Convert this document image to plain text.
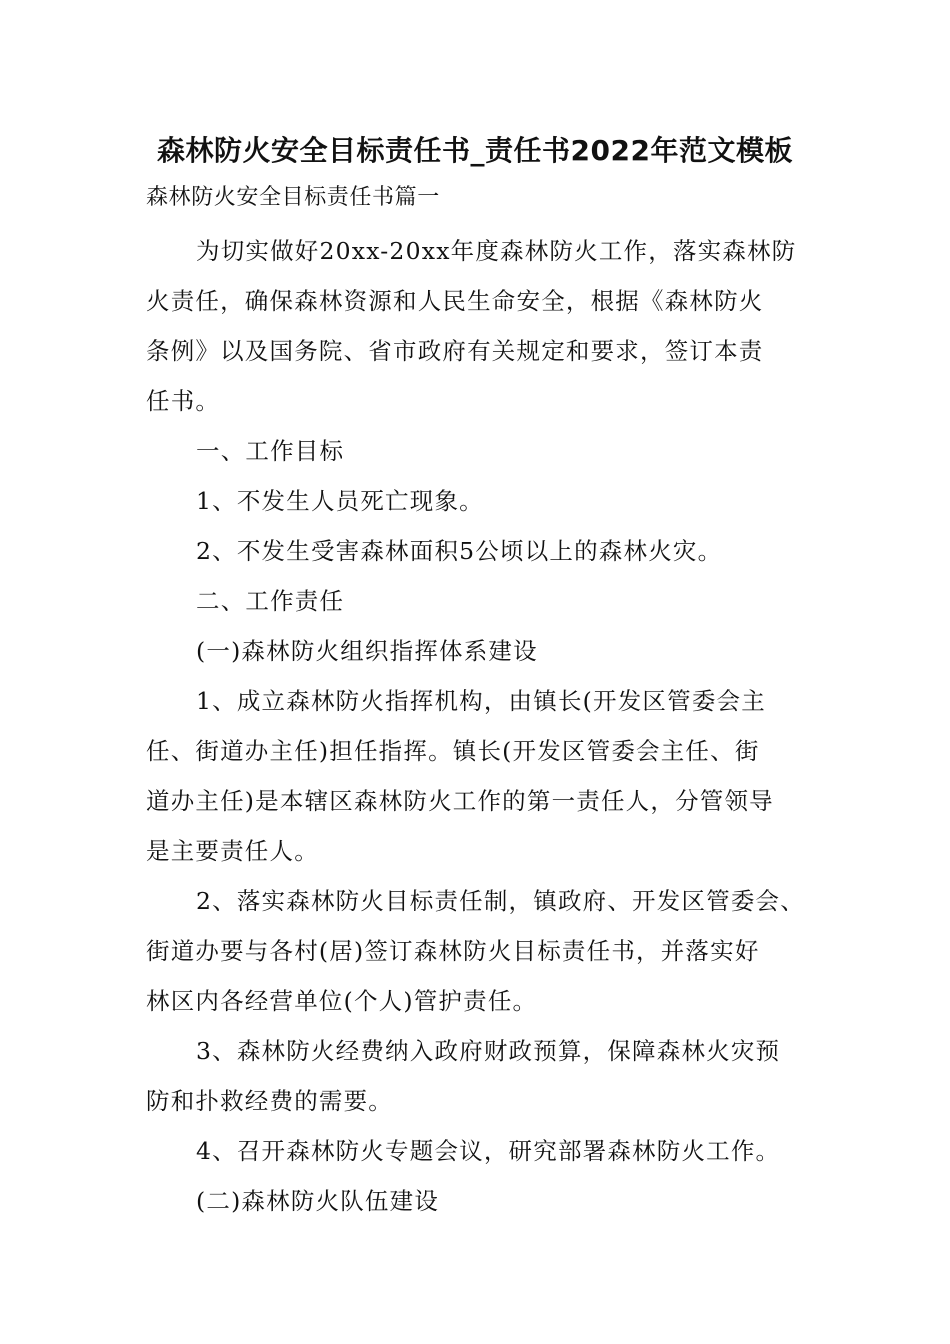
森林防火安全目标责任书_责任书2022年范文模板
森林防火安全目标责任书篇一
为切实做好20xx-20xx年度森林防火工作，落实森林防
火责任，确保森林资源和人民生命安全，根据《森林防火
条例》以及国务院、省市政府有关规定和要求，签订本责
任书。
一、工作目标
1、不发生人员死亡现象。
2、不发生受害森林面积5公顷以上的森林火灾。
二、工作责任
(一)森林防火组织指挥体系建设
1、成立森林防火指挥机构，由镇长(开发区管委会主
任、街道办主任)担任指挥。镇长(开发区管委会主任、街
道办主任)是本辖区森林防火工作的第一责任人，分管领导
是主要责任人。
2、落实森林防火目标责任制，镇政府、开发区管委会、
街道办要与各村(居)签订森林防火目标责任书，并落实好
林区内各经营单位(个人)管护责任。
3、森林防火经费纳入政府财政预算，保障森林火灾预
防和扑救经费的需要。
4、召开森林防火专题会议，研究部署森林防火工作。
(二)森林防火队伍建设
